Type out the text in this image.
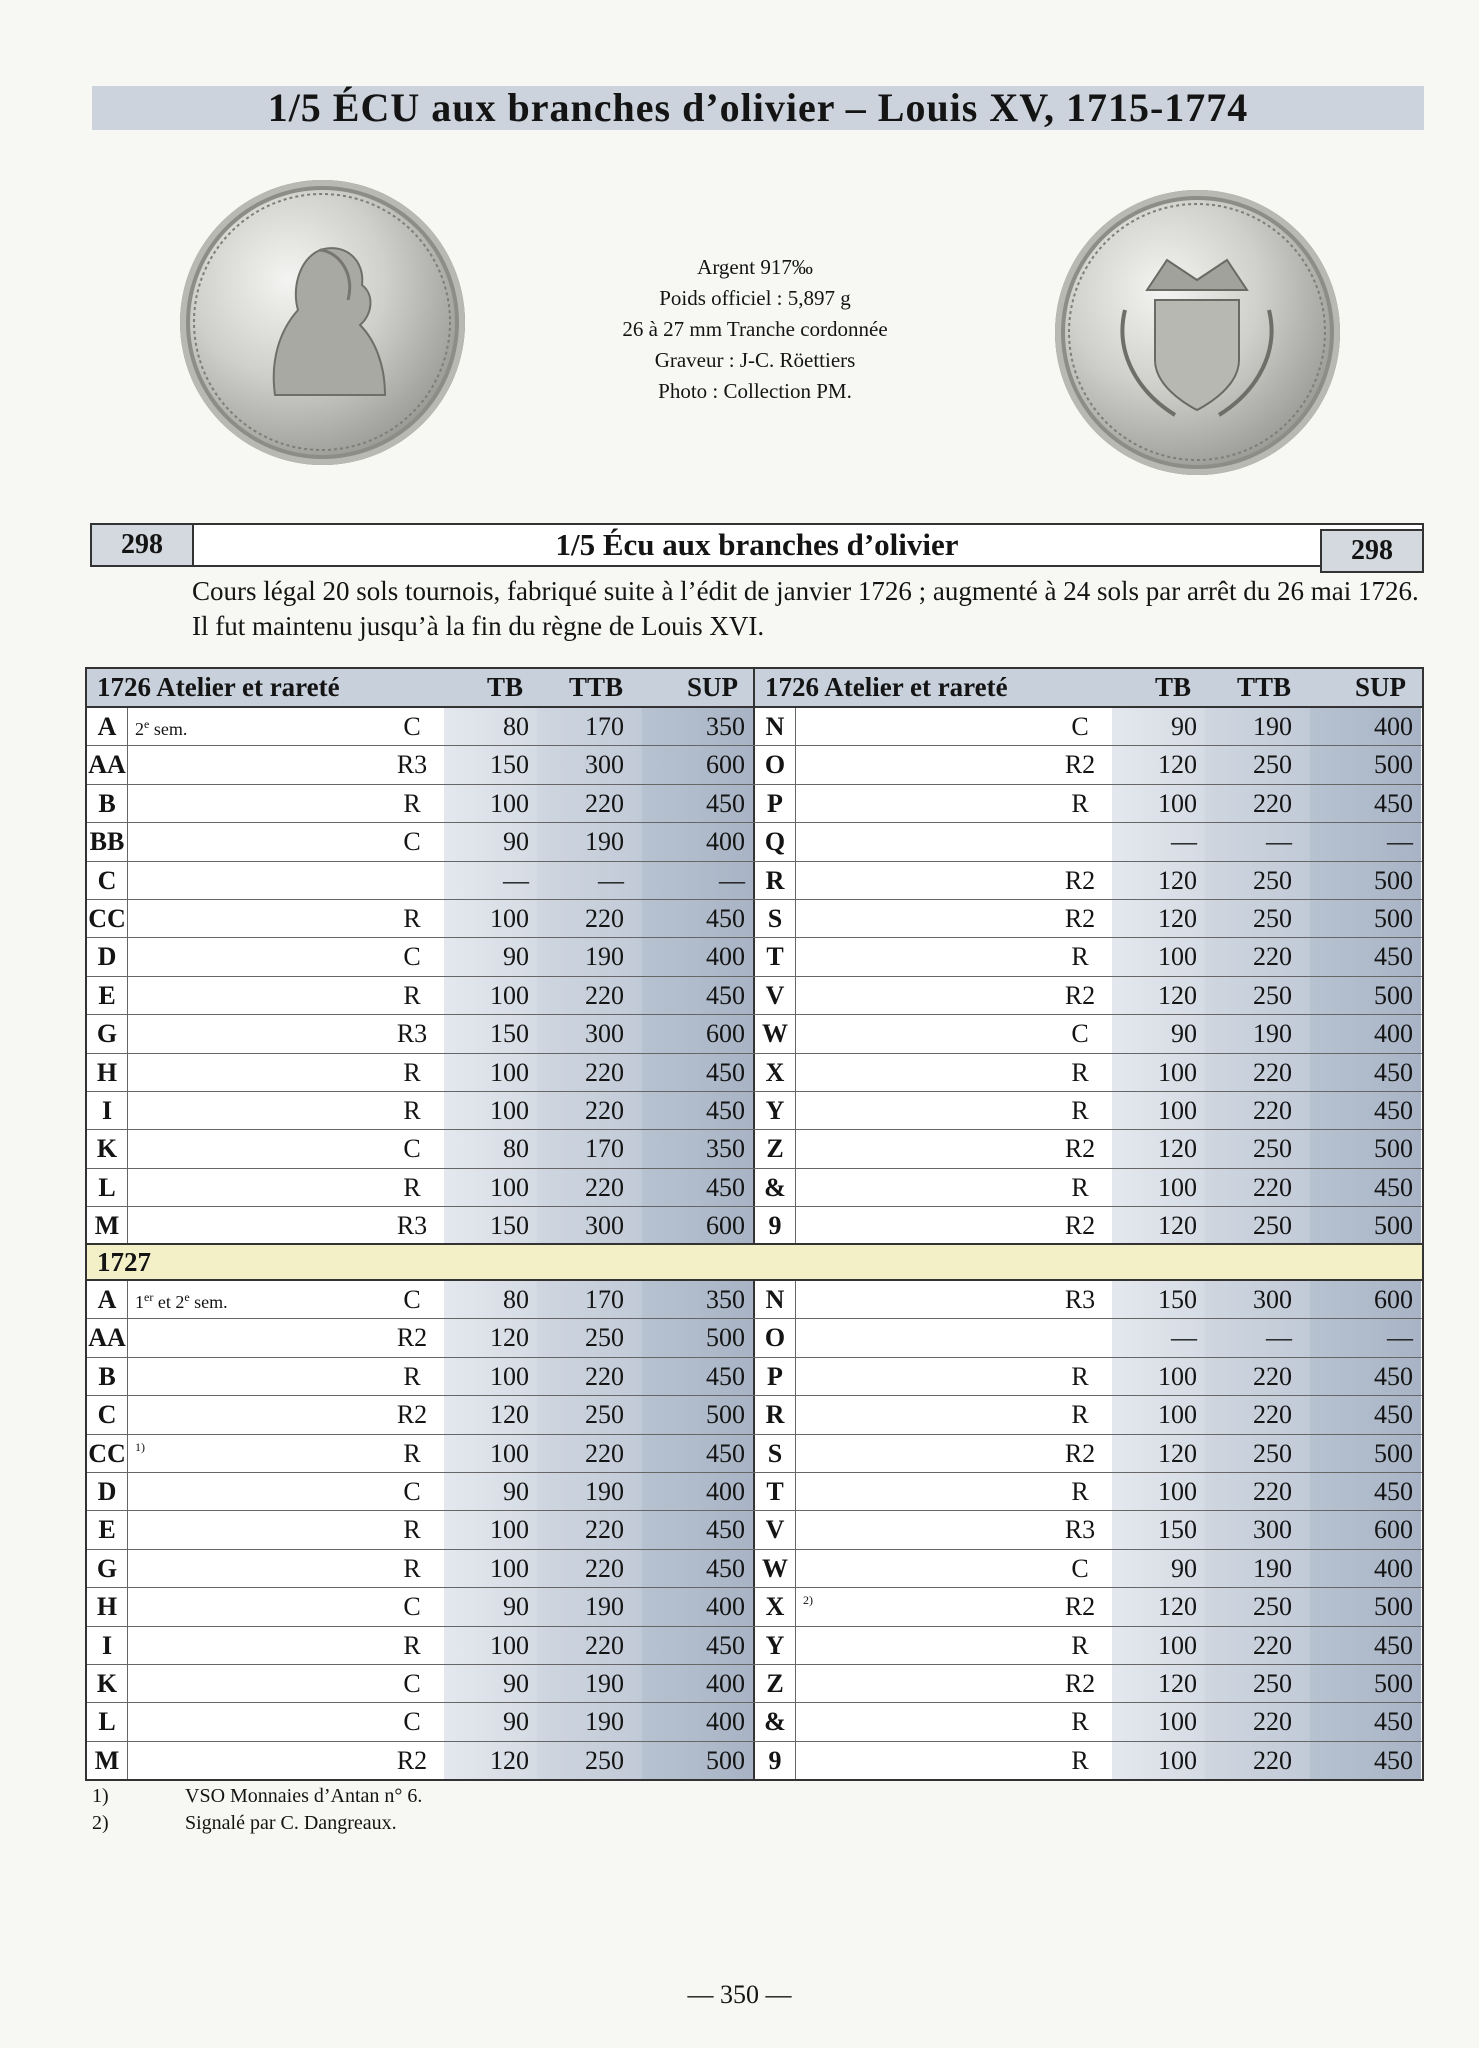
1/5 ÉCU aux branches d’olivier – Louis XV, 1715-1774
Argent 917‰
Poids officiel : 5,897 g
26 à 27 mm Tranche cordonnée
Graveur : J-C. Röettiers
Photo : Collection PM.
298	1/5 Écu aux branches d’olivier	298
Cours légal 20 sols tournois, fabriqué suite à l’édit de janvier 1726 ; augmenté à 24 sols par arrêt du 26 mai 1726. Il fut maintenu jusqu’à la fin du règne de Louis XVI.
1726 Atelier et rareté	TB TTB SUP 1726 Atelier et rareté	TB TTB SUP
A	2e sem.	C	80	170	350 N	C	90	190	400
AA	R3	150	300	600 O	R2	120	250	500
B	R	100	220	450 P	R	100	220	450
BB	C	90	190	400 Q	—	—	—
C	—	—	— R	R2	120	250	500
CC	R	100	220	450 S	R2	120	250	500
D	C	90	190	400 T	R	100	220	450
E	R	100	220	450 V	R2	120	250	500
G	R3	150	300	600 W	C	90	190	400
H	R	100	220	450 X	R	100	220	450
I	R	100	220	450 Y	R	100	220	450
K	C	80	170	350 Z	R2	120	250	500
L	R	100	220	450 &	R	100	220	450
M	R3	150	300	600 9	R2	120	250	500
1727
A	1er et 2e sem.	C	80	170	350 N	R3	150	300	600
AA	R2	120	250	500 O	—	—	—
B	R	100	220	450 P	R	100	220	450
C	R2	120	250	500 R	R	100	220	450
CC 1)	R	100	220	450 S	R2	120	250	500
D	C	90	190	400 T	R	100	220	450
E	R	100	220	450 V	R3	150	300	600
G	R	100	220	450 W	C	90	190	400
H	C	90	190	400 X	2)	R2	120	250	500
I	R	100	220	450 Y	R	100	220	450
K	C	90	190	400 Z	R2	120	250	500
L	C	90	190	400 &	R	100	220	450
M	R2	120	250	500 9	R	100	220	450
1)	VSO Monnaies d’Antan n° 6.
2)	Signalé par C. Dangreaux.
— 350 —
